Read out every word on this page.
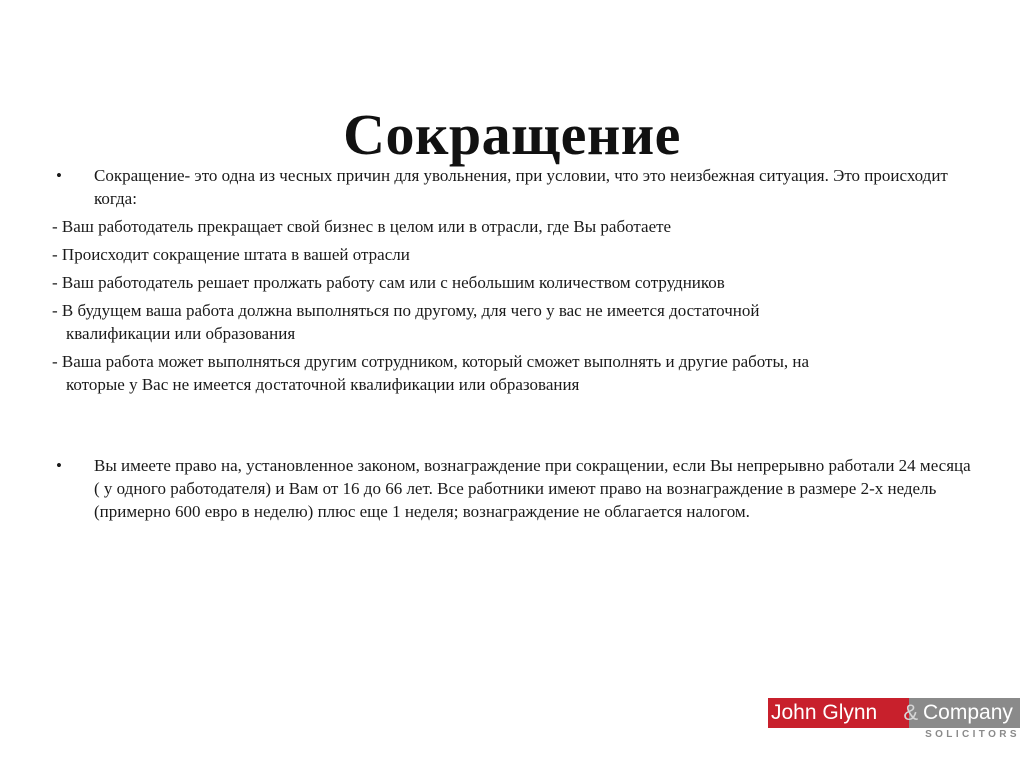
Сокращение
• Сокращение- это одна из чесных причин для увольнения, при условии, что это неизбежная ситуация. Это происходит когда:
- Ваш работодатель прекращает свой бизнес в целом или в отрасли, где Вы работаете
- Происходит сокращение штата в вашей отрасли
- Ваш работодатель решает пролжать работу сам или с небольшим количеством сотрудников
- В будущем ваша работа должна выполняться по другому, для чего у вас не имеется достаточной
квалификации или образования
- Ваша работа может выполняться другим сотрудником, который сможет выполнять и другие работы, на
которые у Вас не имеется достаточной квалификации или образования
• Вы имеете право на, установленное законом, вознаграждение при сокращении, если Вы непрерывно работали 24 месяца ( у одного работодателя) и Вам от 16 до 66 лет. Все работники имеют право на вознаграждение в размере 2-х недель (примерно 600 евро в неделю) плюс еще 1 неделя; вознаграждение не облагается налогом.
John Glynn & Company
SOLICITORS
